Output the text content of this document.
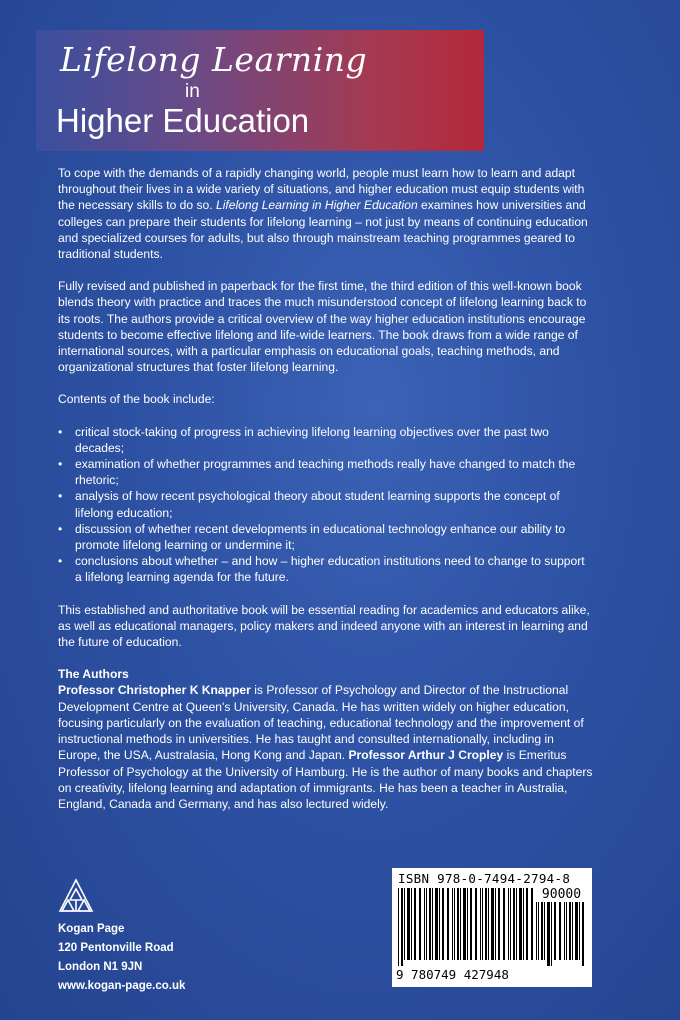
Lifelong Learning
in
Higher Education

To cope with the demands of a rapidly changing world, people must learn how to learn and adapt throughout their lives in a wide variety of situations, and higher education must equip students with the necessary skills to do so. Lifelong Learning in Higher Education examines how universities and colleges can prepare their students for lifelong learning – not just by means of continuing education and specialized courses for adults, but also through mainstream teaching programmes geared to traditional students.

Fully revised and published in paperback for the first time, the third edition of this well-known book blends theory with practice and traces the much misunderstood concept of lifelong learning back to its roots. The authors provide a critical overview of the way higher education institutions encourage students to become effective lifelong and life-wide learners. The book draws from a wide range of international sources, with a particular emphasis on educational goals, teaching methods, and organizational structures that foster lifelong learning.

Contents of the book include:

• critical stock-taking of progress in achieving lifelong learning objectives over the past two decades;
• examination of whether programmes and teaching methods really have changed to match the rhetoric;
• analysis of how recent psychological theory about student learning supports the concept of lifelong education;
• discussion of whether recent developments in educational technology enhance our ability to promote lifelong learning or undermine it;
• conclusions about whether – and how – higher education institutions need to change to support a lifelong learning agenda for the future.

This established and authoritative book will be essential reading for academics and educators alike, as well as educational managers, policy makers and indeed anyone with an interest in learning and the future of education.

The Authors

Professor Christopher K Knapper is Professor of Psychology and Director of the Instructional Development Centre at Queen's University, Canada. He has written widely on higher education, focusing particularly on the evaluation of teaching, educational technology and the improvement of instructional methods in universities. He has taught and consulted internationally, including in Europe, the USA, Australasia, Hong Kong and Japan. Professor Arthur J Cropley is Emeritus Professor of Psychology at the University of Hamburg. He is the author of many books and chapters on creativity, lifelong learning and adaptation of immigrants. He has been a teacher in Australia, England, Canada and Germany, and has also lectured widely.

Kogan Page
120 Pentonville Road
London N1 9JN
www.kogan-page.co.uk
ISBN 978-0-7494-2794-8
90000
9 780749 427948
